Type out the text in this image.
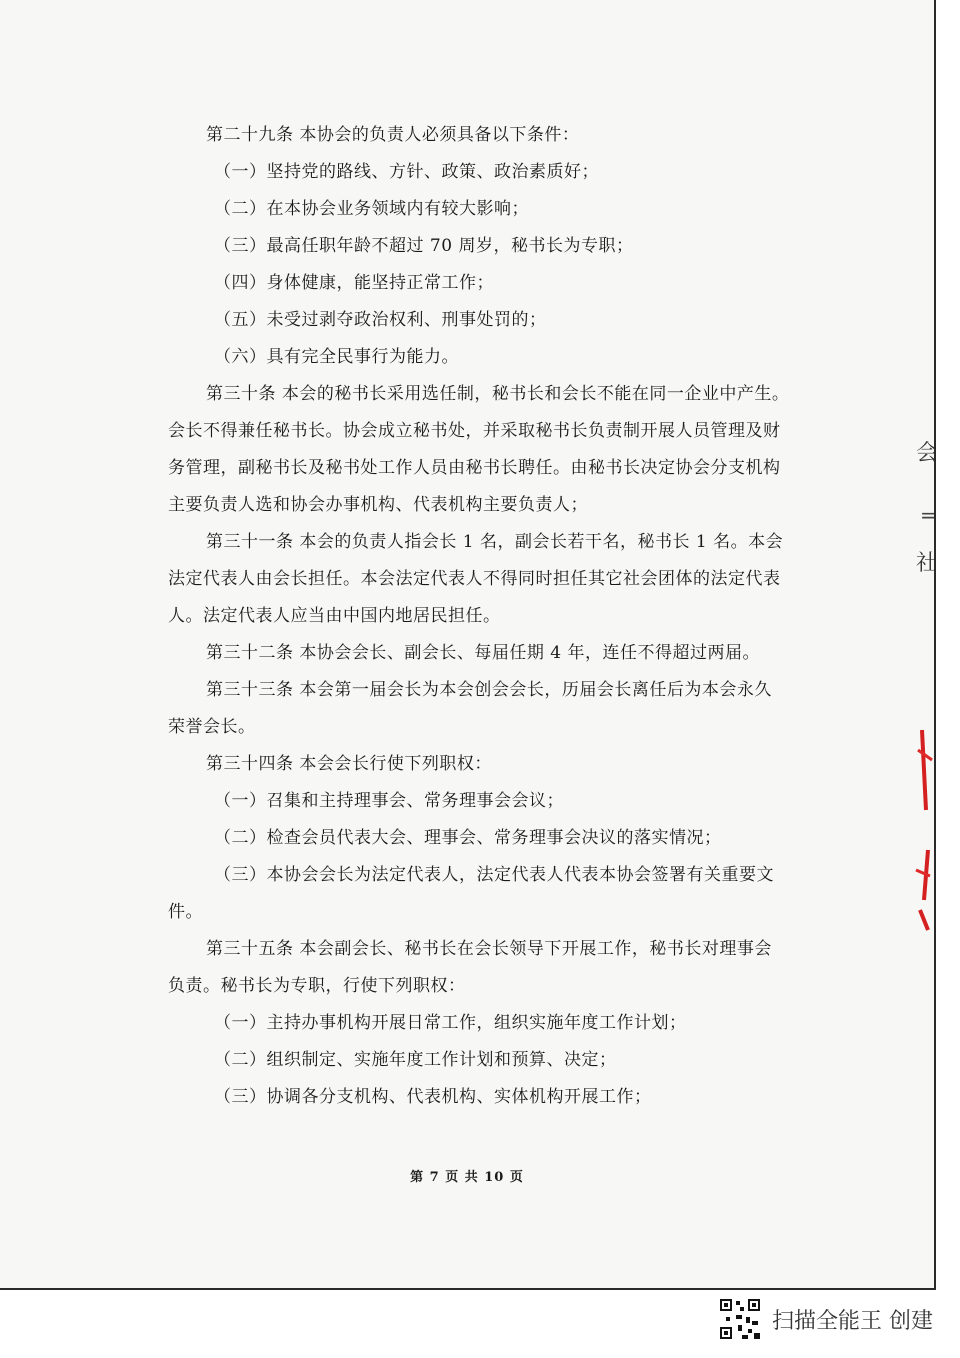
第二十九条 本协会的负责人必须具备以下条件：
（一）坚持党的路线、方针、政策、政治素质好；
（二）在本协会业务领域内有较大影响；
（三）最高任职年龄不超过 70 周岁，秘书长为专职；
（四）身体健康，能坚持正常工作；
（五）未受过剥夺政治权利、刑事处罚的；
（六）具有完全民事行为能力。
第三十条 本会的秘书长采用选任制，秘书长和会长不能在同一企业中产生。
会长不得兼任秘书长。协会成立秘书处，并采取秘书长负责制开展人员管理及财
务管理，副秘书长及秘书处工作人员由秘书长聘任。由秘书长决定协会分支机构
主要负责人选和协会办事机构、代表机构主要负责人；
第三十一条 本会的负责人指会长 1 名，副会长若干名，秘书长 1 名。本会
法定代表人由会长担任。本会法定代表人不得同时担任其它社会团体的法定代表
人。法定代表人应当由中国内地居民担任。
第三十二条 本协会会长、副会长、每届任期 4 年，连任不得超过两届。
第三十三条 本会第一届会长为本会创会会长，历届会长离任后为本会永久
荣誉会长。
第三十四条 本会会长行使下列职权：
（一）召集和主持理事会、常务理事会会议；
（二）检查会员代表大会、理事会、常务理事会决议的落实情况；
（三）本协会会长为法定代表人，法定代表人代表本协会签署有关重要文
件。
第三十五条 本会副会长、秘书长在会长领导下开展工作，秘书长对理事会
负责。秘书长为专职，行使下列职权：
（一）主持办事机构开展日常工作，组织实施年度工作计划；
（二）组织制定、实施年度工作计划和预算、决定；
（三）协调各分支机构、代表机构、实体机构开展工作；
第 7 页 共 10 页
会
=
社
扫描全能王 创建
